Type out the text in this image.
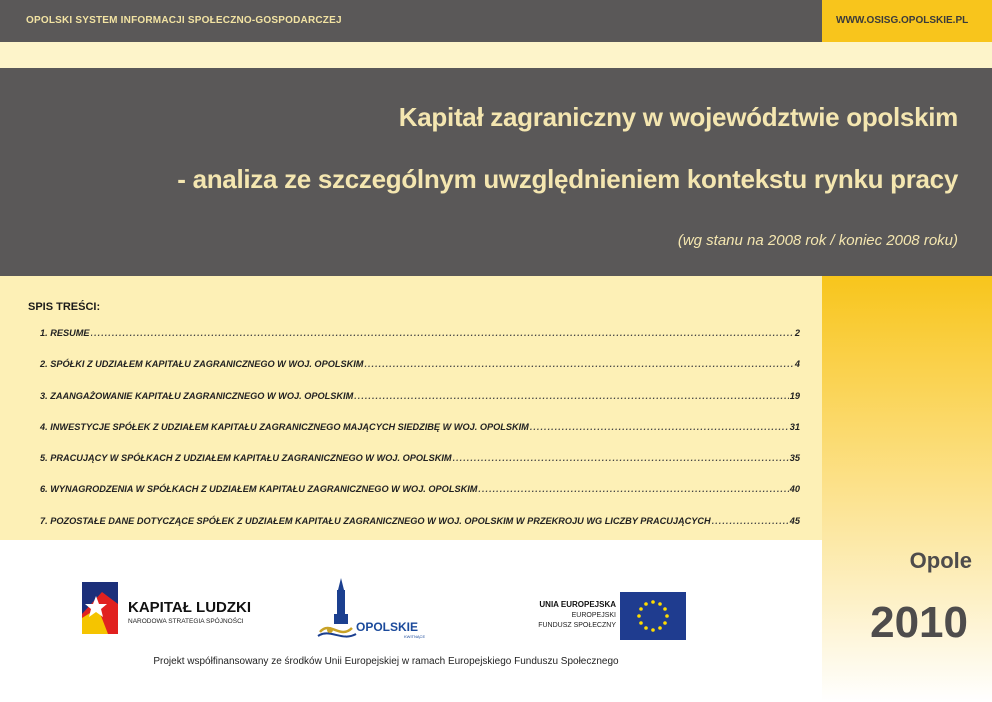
OPOLSKI SYSTEM INFORMACJI SPOŁECZNO-GOSPODARCZEJ	WWW.OSISG.OPOLSKIE.PL
Kapitał zagraniczny w województwie opolskim
- analiza ze szczególnym uwzględnieniem kontekstu rynku pracy
(wg stanu na 2008 rok / koniec 2008 roku)
SPIS TREŚCI:
1. RESUME .....	2
2. SPÓŁKI Z UDZIAŁEM KAPITAŁU ZAGRANICZNEGO W WOJ. OPOLSKIM .....	4
3. ZAANGAŻOWANIE KAPITAŁU ZAGRANICZNEGO W WOJ. OPOLSKIM .....	19
4. INWESTYCJE SPÓŁEK Z UDZIAŁEM KAPITAŁU ZAGRANICZNEGO MAJĄCYCH SIEDZIBĘ W WOJ. OPOLSKIM .....	31
5. PRACUJĄCY W SPÓŁKACH Z UDZIAŁEM KAPITAŁU ZAGRANICZNEGO W WOJ. OPOLSKIM .....	35
6. WYNAGRODZENIA W SPÓŁKACH Z UDZIAŁEM KAPITAŁU ZAGRANICZNEGO W WOJ. OPOLSKIM .....	40
7. POZOSTAŁE DANE DOTYCZĄCE SPÓŁEK Z UDZIAŁEM KAPITAŁU ZAGRANICZNEGO W WOJ. OPOLSKIM W PRZEKROJU WG LICZBY PRACUJĄCYCH .....	45
Opole
2010
KAPITAŁ LUDZKI
NARODOWA STRATEGIA SPÓJNOŚCI	OPOLSKIE
KWITNĄCE
UNIA EUROPEJSKA
EUROPEJSKI
FUNDUSZ SPOŁECZNY
Projekt współfinansowany ze środków Unii Europejskiej w ramach Europejskiego Funduszu Społecznego
